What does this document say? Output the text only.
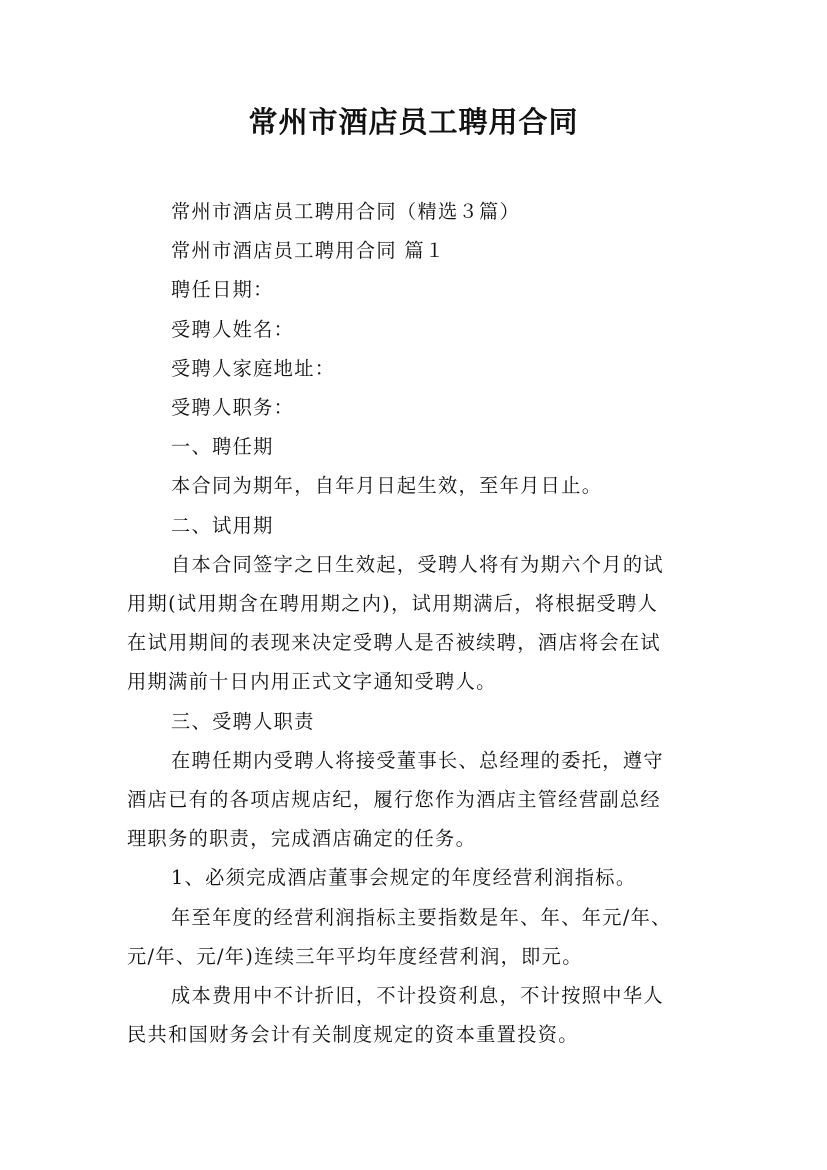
常州市酒店员工聘用合同

常州市酒店员工聘用合同（精选３篇）

常州市酒店员工聘用合同 篇１

聘任日期：

受聘人姓名：

受聘人家庭地址：

受聘人职务：

一、聘任期

本合同为期年，自年月日起生效，至年月日止。

二、试用期

自本合同签字之日生效起，受聘人将有为期六个月的试

用期(试用期含在聘用期之内)，试用期满后，将根据受聘人

在试用期间的表现来决定受聘人是否被续聘，酒店将会在试

用期满前十日内用正式文字通知受聘人。

三、受聘人职责

在聘任期内受聘人将接受董事长、总经理的委托，遵守

酒店已有的各项店规店纪，履行您作为酒店主管经营副总经

理职务的职责，完成酒店确定的任务。

1、必须完成酒店董事会规定的年度经营利润指标。

年至年度的经营利润指标主要指数是年、年、年元/年、

元/年、元/年)连续三年平均年度经营利润，即元。

成本费用中不计折旧，不计投资利息，不计按照中华人

民共和国财务会计有关制度规定的资本重置投资。
